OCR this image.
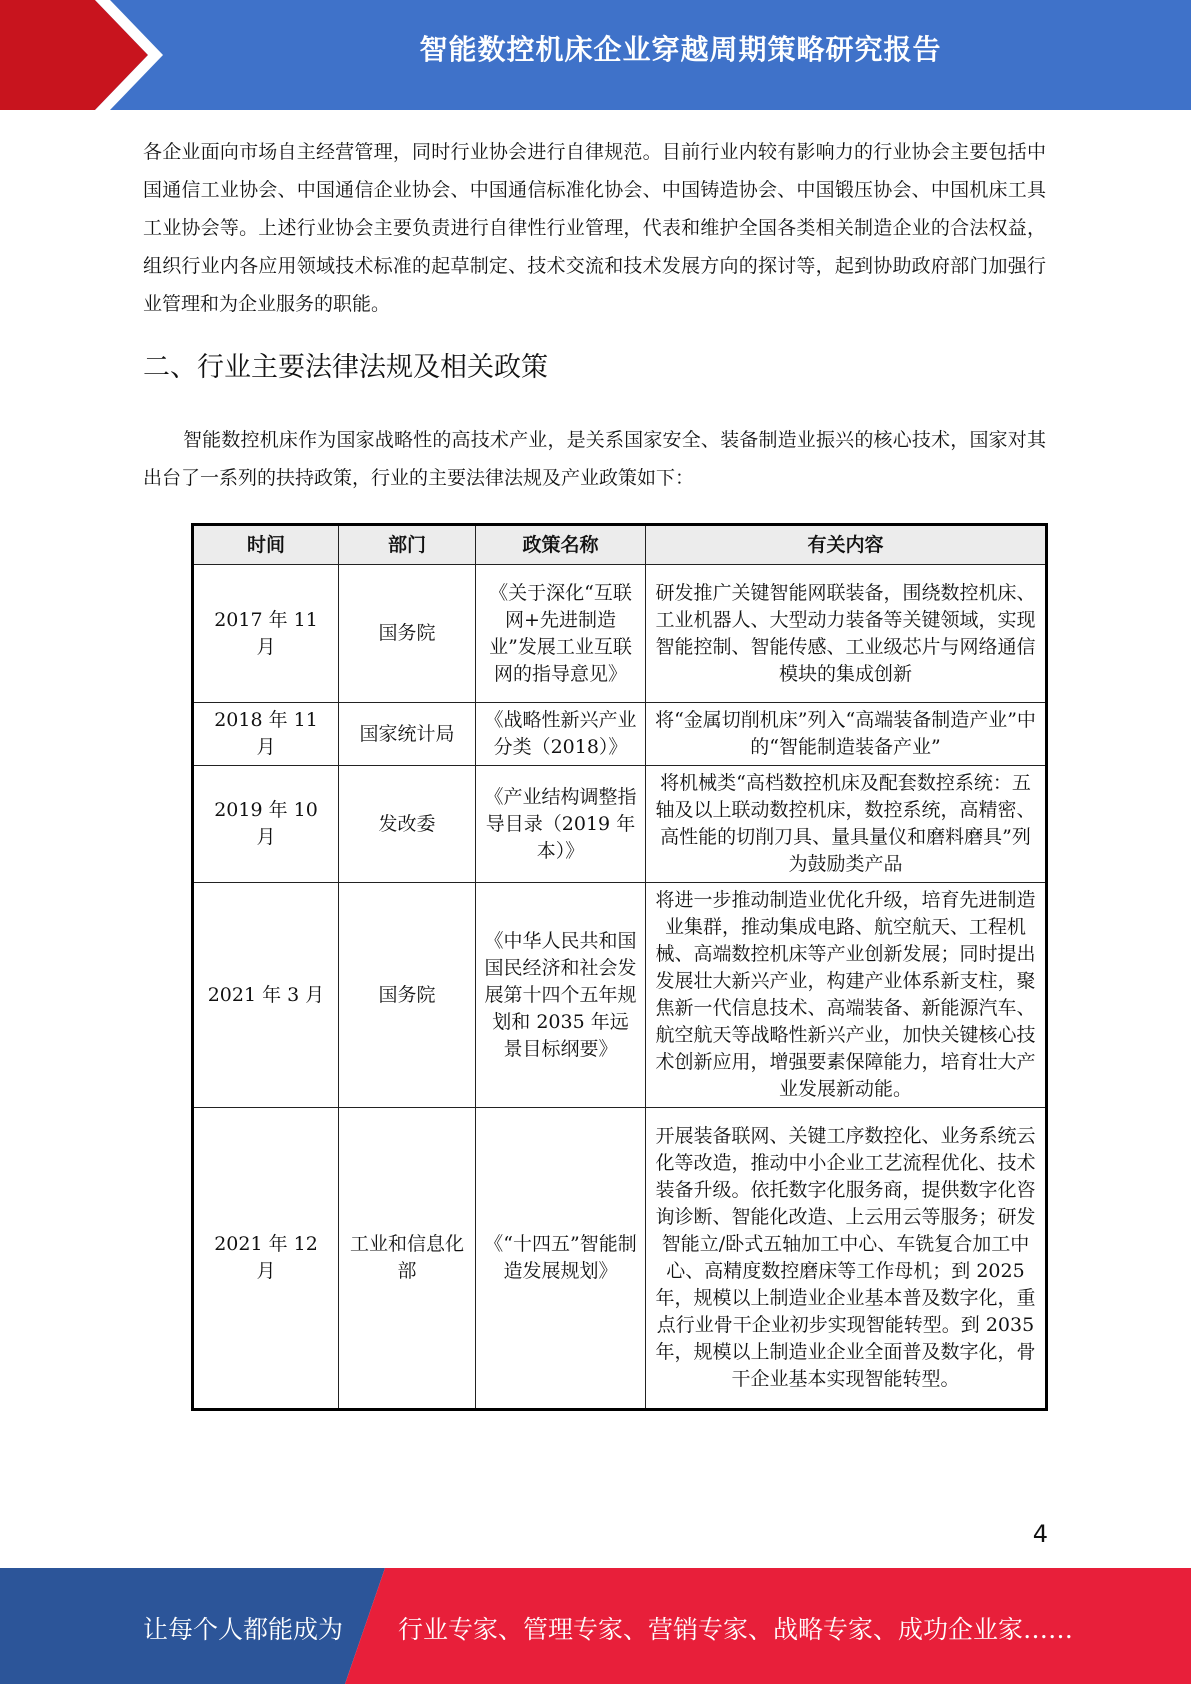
智能数控机床企业穿越周期策略研究报告

各企业面向市场自主经营管理，同时行业协会进行自律规范。目前行业内较有影响力的行业协会主要包括中国通信工业协会、中国通信企业协会、中国通信标准化协会、中国铸造协会、中国锻压协会、中国机床工具工业协会等。上述行业协会主要负责进行自律性行业管理，代表和维护全国各类相关制造企业的合法权益，组织行业内各应用领域技术标准的起草制定、技术交流和技术发展方向的探讨等，起到协助政府部门加强行业管理和为企业服务的职能。

二、行业主要法律法规及相关政策

智能数控机床作为国家战略性的高技术产业，是关系国家安全、装备制造业振兴的核心技术，国家对其出台了一系列的扶持政策，行业的主要法律法规及产业政策如下：

时间	部门	政策名称	有关内容
2017 年 11 月	国务院	《关于深化“互联网+先进制造业”发展工业互联网的指导意见》	研发推广关键智能网联装备，围绕数控机床、工业机器人、大型动力装备等关键领域，实现智能控制、智能传感、工业级芯片与网络通信模块的集成创新
2018 年 11 月	国家统计局	《战略性新兴产业分类（2018）》	将“金属切削机床”列入“高端装备制造产业”中的“智能制造装备产业”
2019 年 10 月	发改委	《产业结构调整指导目录（2019 年本）》	将机械类“高档数控机床及配套数控系统：五轴及以上联动数控机床，数控系统，高精密、高性能的切削刀具、量具量仪和磨料磨具”列为鼓励类产品
2021 年 3 月	国务院	《中华人民共和国国民经济和社会发展第十四个五年规划和 2035 年远景目标纲要》	将进一步推动制造业优化升级，培育先进制造业集群，推动集成电路、航空航天、工程机械、高端数控机床等产业创新发展；同时提出发展壮大新兴产业，构建产业体系新支柱，聚焦新一代信息技术、高端装备、新能源汽车、航空航天等战略性新兴产业，加快关键核心技术创新应用，增强要素保障能力，培育壮大产业发展新动能。
2021 年 12 月	工业和信息化部	《“十四五”智能制造发展规划》	开展装备联网、关键工序数控化、业务系统云化等改造，推动中小企业工艺流程优化、技术装备升级。依托数字化服务商，提供数字化咨询诊断、智能化改造、上云用云等服务；研发智能立/卧式五轴加工中心、车铣复合加工中心、高精度数控磨床等工作母机；到 2025 年，规模以上制造业企业基本普及数字化，重点行业骨干企业初步实现智能转型。到 2035 年，规模以上制造业企业全面普及数字化，骨干企业基本实现智能转型。
4
让每个人都能成为 行业专家、管理专家、营销专家、战略专家、成功企业家……
